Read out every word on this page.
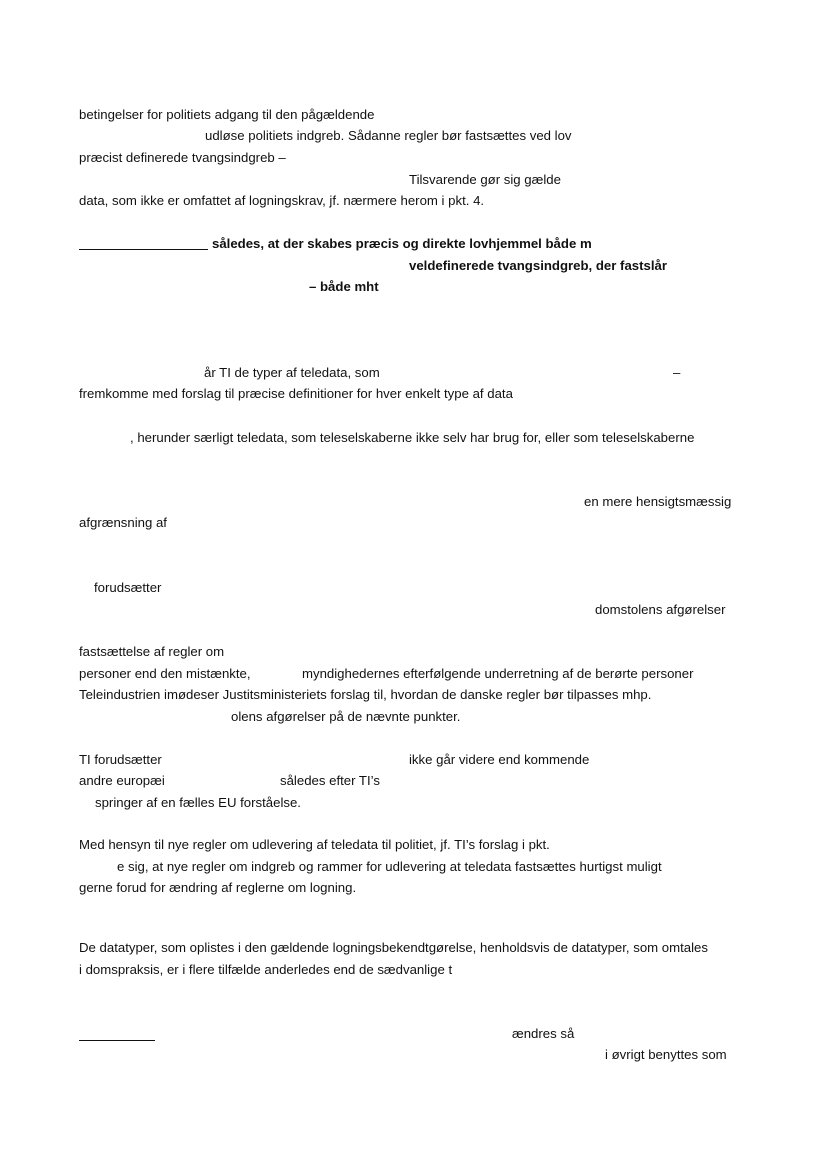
betingelser for politiets adgang til den pågældende
udløse politiets indgreb. Sådanne regler bør fastsættes ved lov
præcist definerede tvangsindgreb –
Tilsvarende gør sig gælde
data, som ikke er omfattet af logningskrav, jf. nærmere herom i pkt. 4.
således, at der skabes præcis og direkte lovhjemmel både m
veldefinerede tvangsindgreb, der fastslår
– både mht
år TI de typer af teledata, som	–
fremkomme med forslag til præcise definitioner for hver enkelt type af data
, herunder særligt teledata, som teleselskaberne ikke selv har brug for, eller som teleselskaberne
en mere hensigtsmæssig
afgrænsning af
forudsætter
domstolens afgørelser
fastsættelse af regler om
personer end den mistænkte,	myndighedernes efterfølgende underretning af de berørte personer
Teleindustrien imødeser Justitsministeriets forslag til, hvordan de danske regler bør tilpasses mhp.
olens afgørelser på de nævnte punkter.
TI forudsætter	ikke går videre end kommende
andre europæi	således efter TI’s
springer af en fælles EU forståelse.
Med hensyn til nye regler om udlevering af teledata til politiet, jf. TI’s forslag i pkt.
e sig, at nye regler om indgreb og rammer for udlevering at teledata fastsættes hurtigst muligt
gerne forud for ændring af reglerne om logning.
De datatyper, som oplistes i den gældende logningsbekendtgørelse, henholdsvis de datatyper, som omtales
i domspraksis, er i flere tilfælde anderledes end de sædvanlige t
ændres så
i øvrigt benyttes som
